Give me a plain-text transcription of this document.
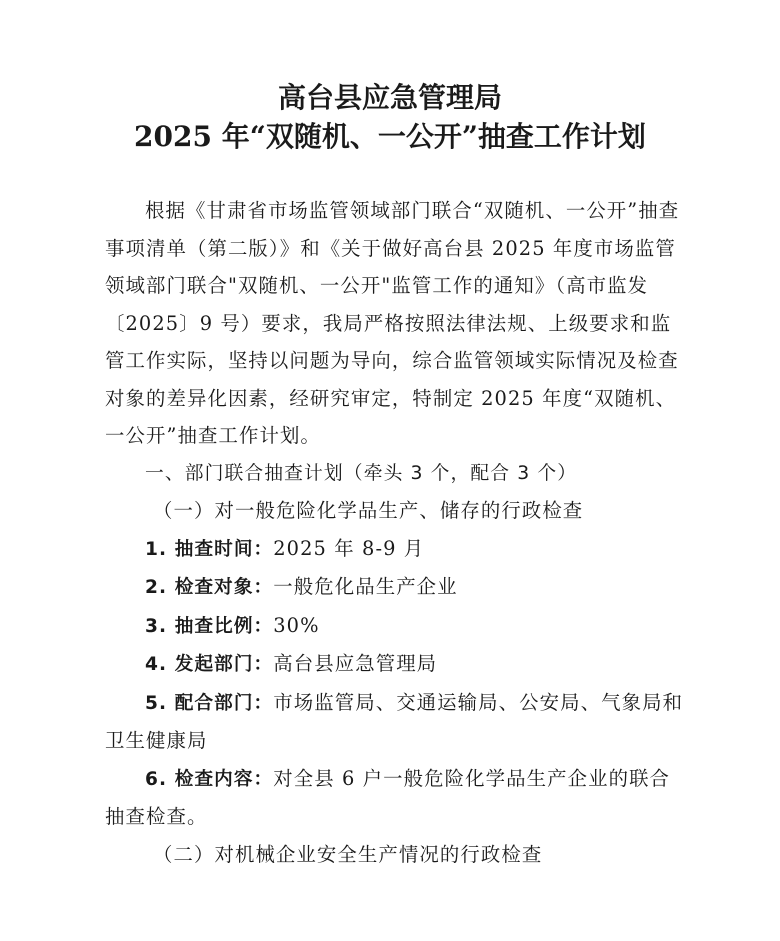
高台县应急管理局
2025 年“双随机、一公开”抽查工作计划

根据《甘肃省市场监管领域部门联合“双随机、一公开”抽查事项清单（第二版）》和《关于做好高台县 2025 年度市场监管领域部门联合"双随机、一公开"监管工作的通知》（高市监发〔2025〕9 号）要求，我局严格按照法律法规、上级要求和监管工作实际，坚持以问题为导向，综合监管领域实际情况及检查对象的差异化因素，经研究审定，特制定 2025 年度“双随机、一公开”抽查工作计划。

一、部门联合抽查计划（牵头 3 个，配合 3 个）

（一）对一般危险化学品生产、储存的行政检查

1. 抽查时间：2025 年 8-9 月

2. 检查对象：一般危化品生产企业

3. 抽查比例：30%

4. 发起部门：高台县应急管理局

5. 配合部门：市场监管局、交通运输局、公安局、气象局和卫生健康局

6. 检查内容：对全县 6 户一般危险化学品生产企业的联合抽查检查。

（二）对机械企业安全生产情况的行政检查
